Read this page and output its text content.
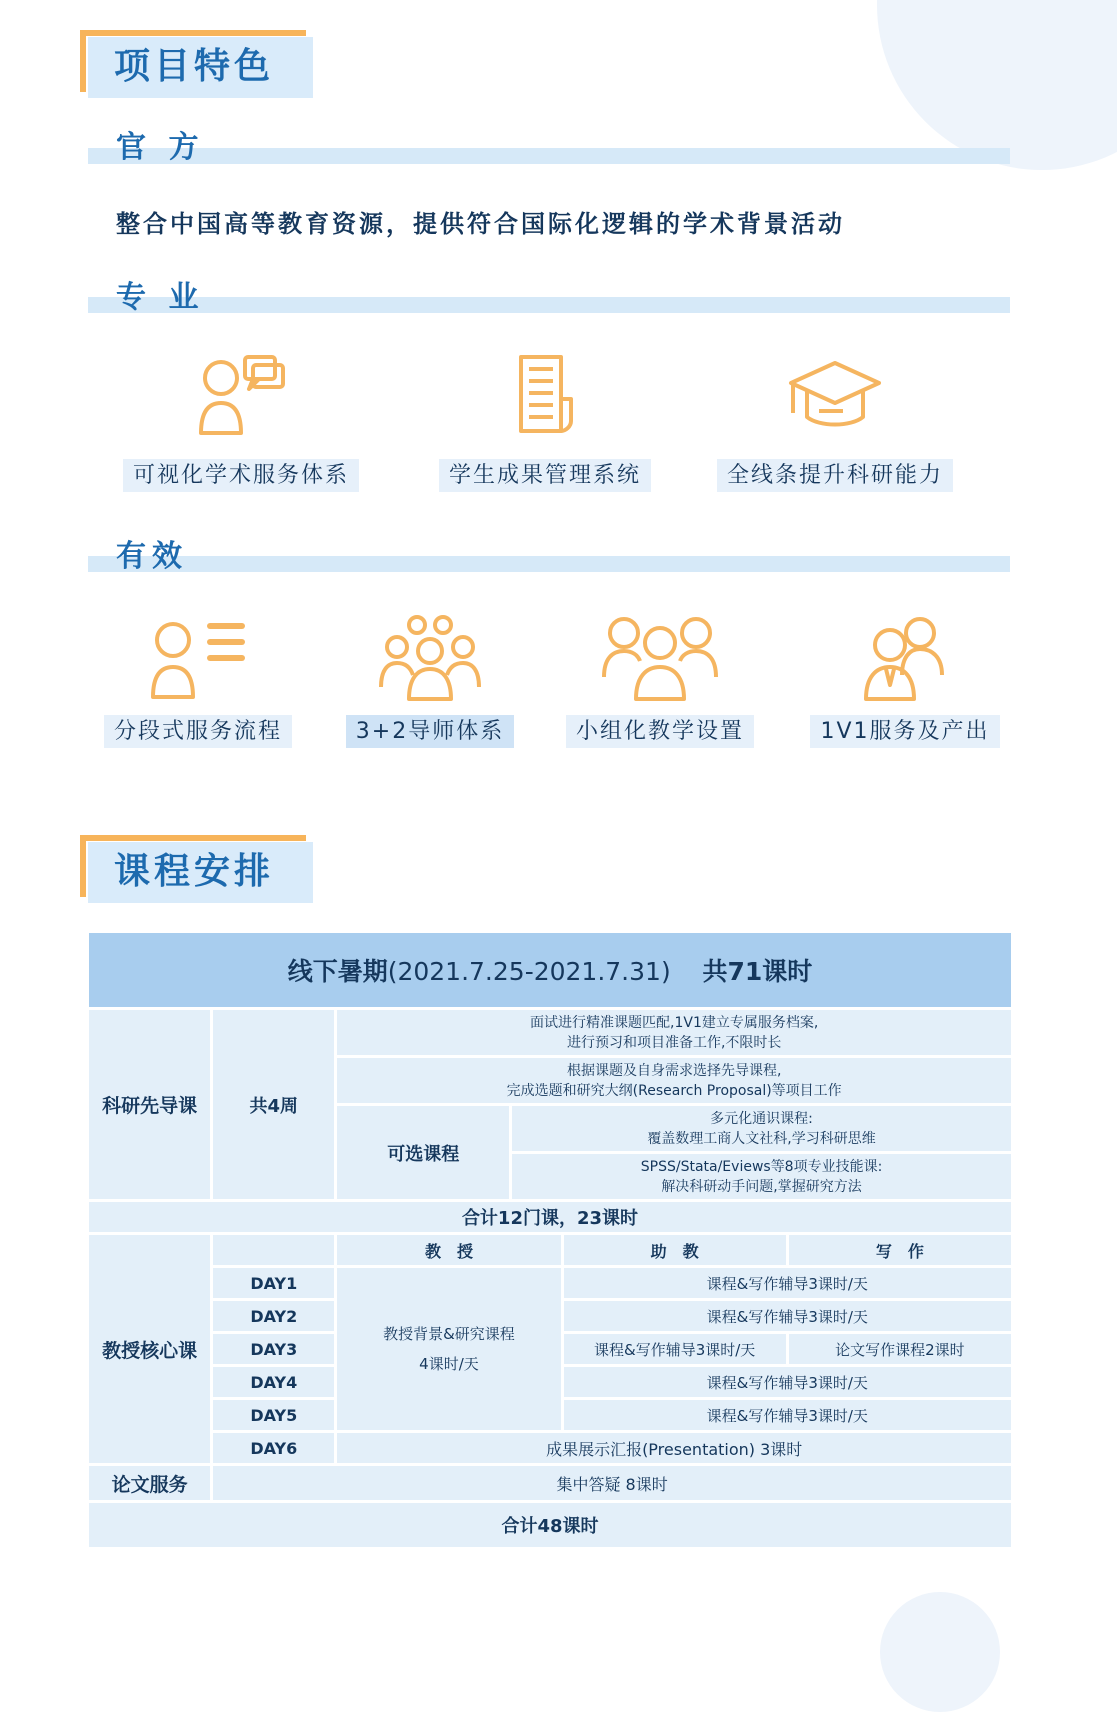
项目特色
官 方
整合中国高等教育资源，提供符合国际化逻辑的学术背景活动
专 业
可视化学术服务体系	学生成果管理系统	全线条提升科研能力
有效
分段式服务流程	3+2导师体系	小组化教学设置	1V1服务及产出
课程安排
线下暑期(2021.7.25-2021.7.31) 共71课时					
科研先导课	共4周	面试进行精准课题匹配,1V1建立专属服务档案,
进行预习和项目准备工作,不限时长			
		根据课题及自身需求选择先导课程,
完成选题和研究大纲(Research Proposal)等项目工作			
		可选课程	多元化通识课程:
覆盖数理工商人文社科,学习科研思维		
			SPSS/Stata/Eviews等8项专业技能课:
解决科研动手问题,掌握研究方法		
合计12门课，23课时					
教授核心课		教　授		助　教	写　作
	DAY1	教授背景&研究课程
4课时/天		课程&写作辅导3课时/天	
	DAY2			课程&写作辅导3课时/天	
	DAY3			课程&写作辅导3课时/天	论文写作课程2课时
	DAY4			课程&写作辅导3课时/天	
	DAY5			课程&写作辅导3课时/天	
	DAY6	成果展示汇报(Presentation) 3课时			
论文服务	集中答疑 8课时				
合计48课时					
